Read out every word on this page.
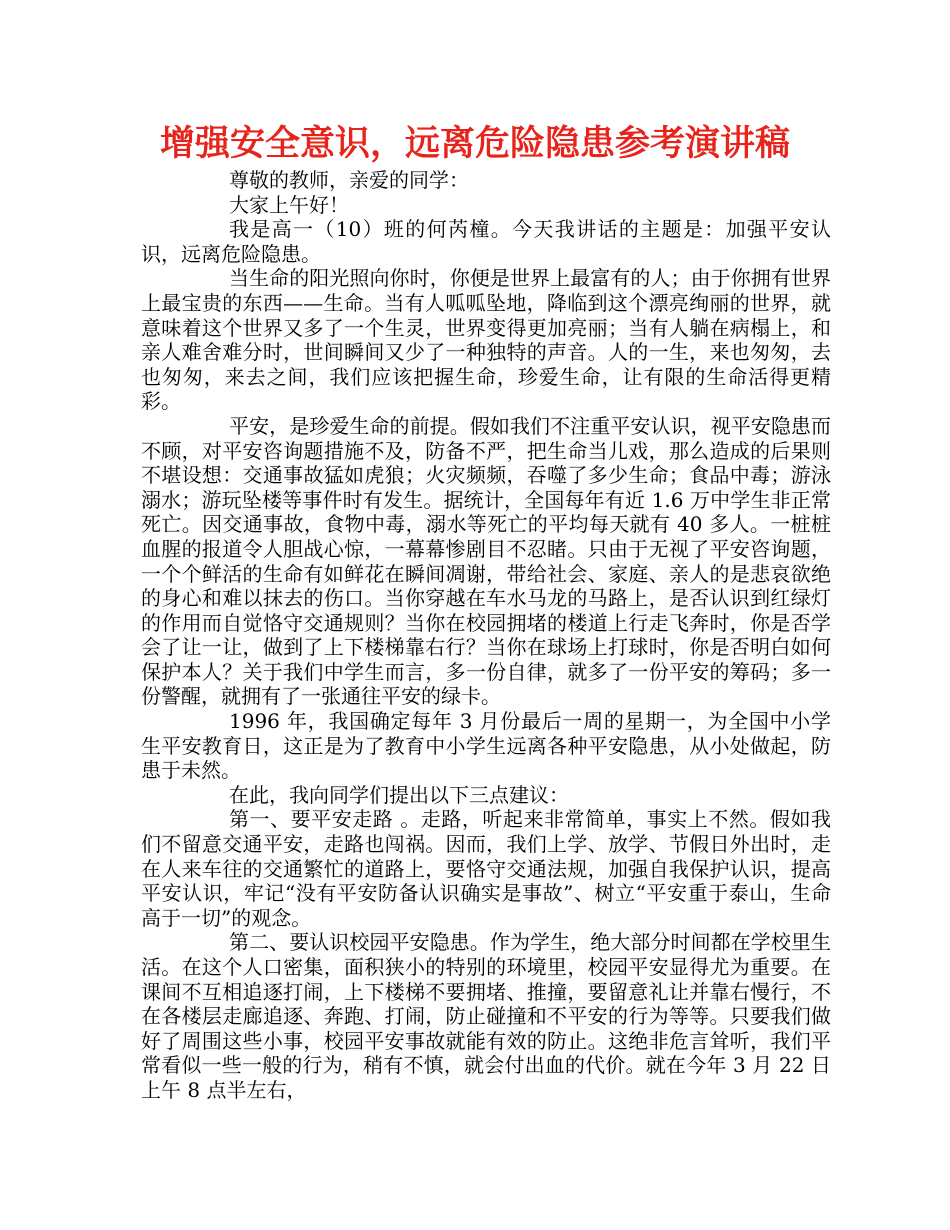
增强安全意识，远离危险隐患参考演讲稿

尊敬的教师，亲爱的同学：

大家上午好！

我是高一（10）班的何芮橦。今天我讲话的主题是：加强平安认识，远离危险隐患。

当生命的阳光照向你时，你便是世界上最富有的人；由于你拥有世界上最宝贵的东西——生命。当有人呱呱坠地，降临到这个漂亮绚丽的世界，就意味着这个世界又多了一个生灵，世界变得更加亮丽；当有人躺在病榻上，和亲人难舍难分时，世间瞬间又少了一种独特的声音。人的一生，来也匆匆，去也匆匆，来去之间，我们应该把握生命，珍爱生命，让有限的生命活得更精彩。

平安，是珍爱生命的前提。假如我们不注重平安认识，视平安隐患而不顾，对平安咨询题措施不及，防备不严，把生命当儿戏，那么造成的后果则不堪设想：交通事故猛如虎狼；火灾频频，吞噬了多少生命；食品中毒；游泳溺水；游玩坠楼等事件时有发生。据统计，全国每年有近 1.6 万中学生非正常死亡。因交通事故，食物中毒，溺水等死亡的平均每天就有 40 多人。一桩桩血腥的报道令人胆战心惊，一幕幕惨剧目不忍睹。只由于无视了平安咨询题，一个个鲜活的生命有如鲜花在瞬间凋谢，带给社会、家庭、亲人的是悲哀欲绝的身心和难以抹去的伤口。当你穿越在车水马龙的马路上，是否认识到红绿灯的作用而自觉恪守交通规则？当你在校园拥堵的楼道上行走飞奔时，你是否学会了让一让，做到了上下楼梯靠右行？当你在球场上打球时，你是否明白如何保护本人？关于我们中学生而言，多一份自律，就多了一份平安的筹码；多一份警醒，就拥有了一张通往平安的绿卡。

1996 年，我国确定每年 3 月份最后一周的星期一，为全国中小学生平安教育日，这正是为了教育中小学生远离各种平安隐患，从小处做起，防患于未然。

在此，我向同学们提出以下三点建议：

第一、要平安走路 。走路，听起来非常简单，事实上不然。假如我们不留意交通平安，走路也闯祸。因而，我们上学、放学、节假日外出时，走在人来车往的交通繁忙的道路上，要恪守交通法规，加强自我保护认识，提高平安认识，牢记“没有平安防备认识确实是事故”、树立“平安重于泰山，生命高于一切”的观念。

第二、要认识校园平安隐患。作为学生，绝大部分时间都在学校里生活。在这个人口密集，面积狭小的特别的环境里，校园平安显得尤为重要。在课间不互相追逐打闹，上下楼梯不要拥堵、推撞，要留意礼让并靠右慢行，不在各楼层走廊追逐、奔跑、打闹，防止碰撞和不平安的行为等等。只要我们做好了周围这些小事，校园平安事故就能有效的防止。这绝非危言耸听，我们平常看似一些一般的行为，稍有不慎，就会付出血的代价。就在今年 3 月 22 日上午 8 点半左右，
